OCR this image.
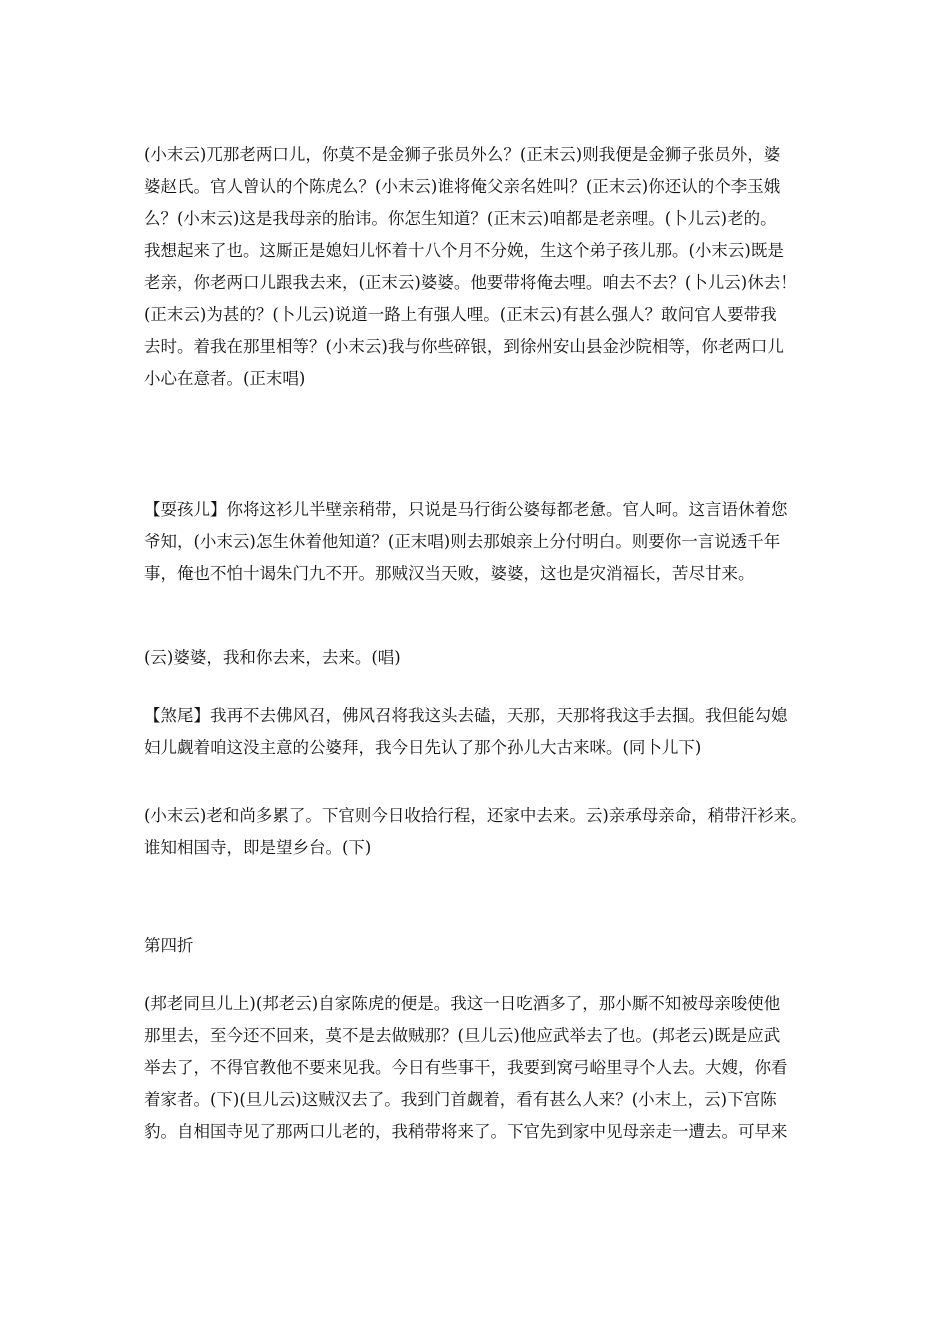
(小末云)兀那老两口儿，你莫不是金狮子张员外么？(正末云)则我便是金狮子张员外，婆
婆赵氏。官人曾认的个陈虎么？(小末云)谁将俺父亲名姓叫？(正末云)你还认的个李玉娥
么？(小末云)这是我母亲的胎讳。你怎生知道？(正末云)咱都是老亲哩。(卜儿云)老的。
我想起来了也。这厮正是媳妇儿怀着十八个月不分娩，生这个弟子孩儿那。(小末云)既是
老亲，你老两口儿跟我去来，(正末云)婆婆。他要带将俺去哩。咱去不去？(卜儿云)休去！
(正末云)为甚的？(卜儿云)说道一路上有强人哩。(正末云)有甚么强人？敢问官人要带我
去时。着我在那里相等？(小末云)我与你些碎银，到徐州安山县金沙院相等，你老两口儿
小心在意者。(正末唱)
【耍孩儿】你将这衫儿半壁亲稍带，只说是马行街公婆每都老惫。官人呵。这言语休着您
爷知，(小末云)怎生休着他知道？(正末唱)则去那娘亲上分付明白。则要你一言说透千年
事，俺也不怕十谒朱门九不开。那贼汉当天败，婆婆，这也是灾消福长，苦尽甘来。
(云)婆婆，我和你去来，去来。(唱)
【煞尾】我再不去佛风召，佛风召将我这头去磕，天那，天那将我这手去掴。我但能勾媳
妇儿觑着咱这没主意的公婆拜，我今日先认了那个孙儿大古来咪。(同卜儿下)
(小末云)老和尚多累了。下官则今日收拾行程，还家中去来。云)亲承母亲命，稍带汗衫来。
谁知相国寺，即是望乡台。(下)
第四折
(邦老同旦儿上)(邦老云)自家陈虎的便是。我这一日吃酒多了，那小厮不知被母亲唆使他
那里去，至今还不回来，莫不是去做贼那？(旦儿云)他应武举去了也。(邦老云)既是应武
举去了，不得官教他不要来见我。今日有些事干，我要到窝弓峪里寻个人去。大嫂，你看
着家者。(下)(旦儿云)这贼汉去了。我到门首觑着，看有甚么人来？(小末上，云)下宫陈
豹。自相国寺见了那两口儿老的，我稍带将来了。下官先到家中见母亲走一遭去。可早来
